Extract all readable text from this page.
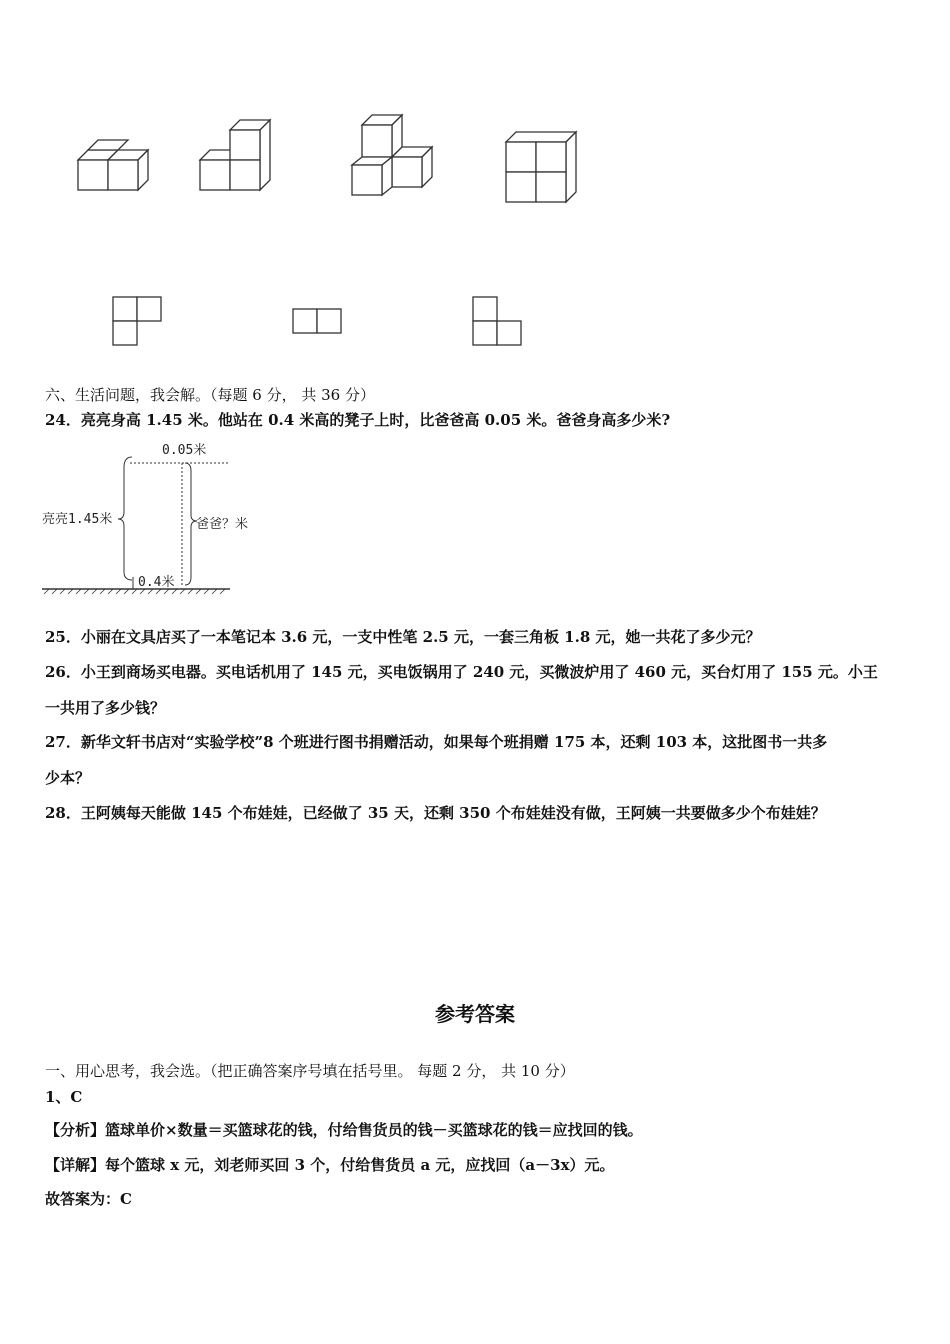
六、生活问题，我会解。（每题 6 分， 共 36 分）
24．亮亮身高 1.45 米。他站在 0.4 米高的凳子上时，比爸爸高 0.05 米。爸爸身高多少米?
0.05米
亮亮1.45米	爸爸？米
0.4米
25．小丽在文具店买了一本笔记本 3.6 元，一支中性笔 2.5 元，一套三角板 1.8 元，她一共花了多少元？
26．小王到商场买电器。买电话机用了 145 元，买电饭锅用了 240 元，买微波炉用了 460 元，买台灯用了 155 元。小王
一共用了多少钱？
27．新华文轩书店对“实验学校”8 个班进行图书捐赠活动，如果每个班捐赠 175 本，还剩 103 本，这批图书一共多
少本？
28．王阿姨每天能做 145 个布娃娃，已经做了 35 天，还剩 350 个布娃娃没有做，王阿姨一共要做多少个布娃娃？
参考答案
一、用心思考，我会选。（把正确答案序号填在括号里。 每题 2 分， 共 10 分）
1、C
【分析】篮球单价×数量＝买篮球花的钱，付给售货员的钱－买篮球花的钱＝应找回的钱。
【详解】每个篮球 x 元，刘老师买回 3 个，付给售货员 a 元，应找回（a－3x）元。
故答案为：C
